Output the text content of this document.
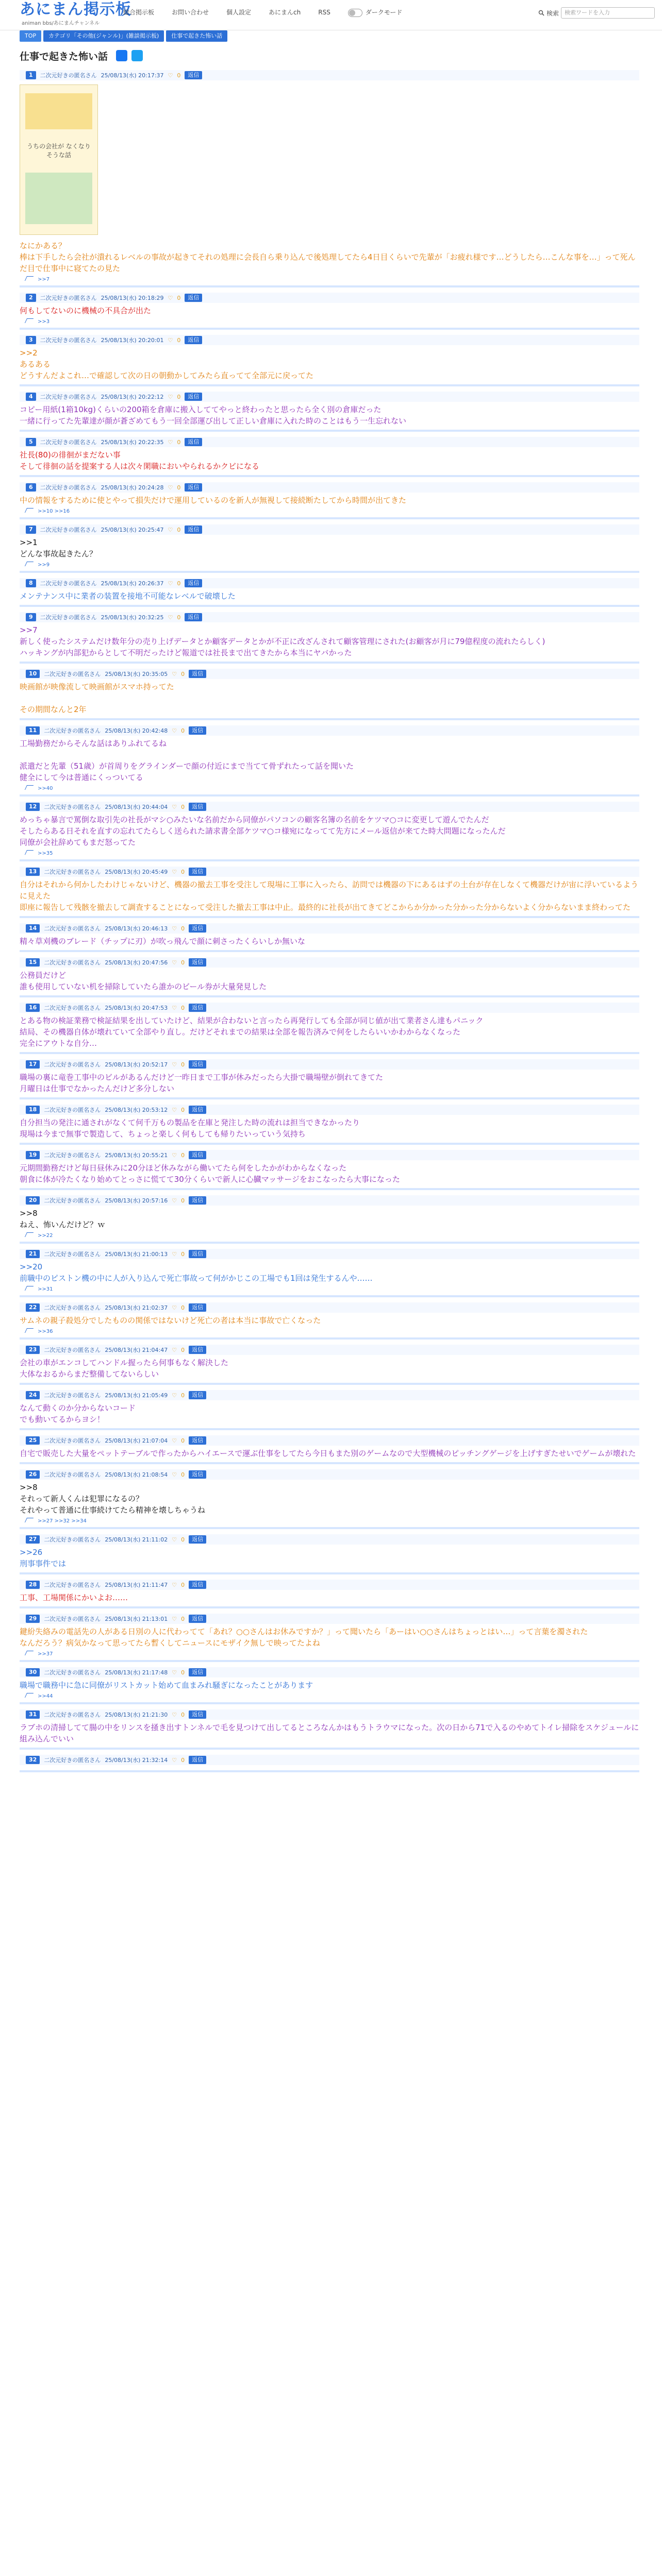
あにまん掲示板
animan bbs/あにまんチャンネル
総合掲示板	お問い合わせ	個人設定	あにまんch	RSS	ダークモード	検索	検索ワードを入力
TOP	カテゴリ「その他(ジャンル)」(雑談掲示板)	仕事で起きた怖い話
仕事で起きた怖い話
1	二次元好きの匿名さん 25/08/13(水) 20:17:37 ♡ 0	返信
うちの会社が なくなりそうな話
なにかある？
棒は下手したら会社が潰れるレベルの事故が起きてそれの処理に会長自ら乗り込んで後処理してたら4日目くらいで先輩が「お疲れ様です…どうしたら…こんな事を…」って死んだ目で仕事中に寝てたの見た
>>7
2	二次元好きの匿名さん 25/08/13(水) 20:18:29 ♡ 0	返信
何もしてないのに機械の不具合が出た
>>3
3	二次元好きの匿名さん 25/08/13(水) 20:20:01 ♡ 0	返信
>>2
あるある
どうすんだよこれ…で確認して次の日の朝動かしてみたら直ってて全部元に戻ってた
4	二次元好きの匿名さん 25/08/13(水) 20:22:12 ♡ 0	返信
コピー用紙(1箱10kg)くらいの200箱を倉庫に搬入しててやっと終わったと思ったら全く別の倉庫だった
一緒に行ってた先輩達が顔が蒼ざめてもう一回全部運び出して正しい倉庫に入れた時のことはもう一生忘れない
5	二次元好きの匿名さん 25/08/13(水) 20:22:35 ♡ 0	返信
社長(80)の徘徊がまだない事
そして徘徊の話を提案する人は次々閑職においやられるかクビになる
6	二次元好きの匿名さん 25/08/13(水) 20:24:28 ♡ 0	返信
中の情報をするために使とやって損失だけで運用しているのを新人が無視して接続断たしてから時間が出てきた
>>10 >>16
7	二次元好きの匿名さん 25/08/13(水) 20:25:47 ♡ 0	返信
>>1
どんな事故起きたん？
>>9
8	二次元好きの匿名さん 25/08/13(水) 20:26:37 ♡ 0	返信
メンテナンス中に業者の装置を接地不可能なレベルで破壊した
9	二次元好きの匿名さん 25/08/13(水) 20:32:25 ♡ 0	返信
>>7
新しく使ったシステムだけ数年分の売り上げデータとか顧客データとかが不正に改ざんされて顧客管理にされた(お顧客が月に79億程度の流れたらしく)
ハッキングが内部犯からとして不明だったけど報道では社長まで出てきたから本当にヤバかった
10	二次元好きの匿名さん 25/08/13(水) 20:35:05 ♡ 0	返信
映画館が映像流して映画館がスマホ持ってた

その期間なんと2年
11	二次元好きの匿名さん 25/08/13(水) 20:42:48 ♡ 0	返信
工場勤務だからそんな話はありふれてるね

派遣だと先輩（51歳）が首周りをグラインダーで顔の付近にまで当てて骨ずれたって話を聞いた
健全にして今は普通にくっついてる
>>40
12	二次元好きの匿名さん 25/08/13(水) 20:44:04 ♡ 0	返信
めっちゃ暴言で罵倒な取引先の社長がマシ○みたいな名前だから同僚がパソコンの顧客名簿の名前をケツマ○コに変更して遊んでたんだ
そしたらある日それを直すの忘れてたらしく送られた請求書全部ケツマ○コ様宛になってて先方にメール返信が来てた時大問題になったんだ
同僚が会社辞めてもまだ怒ってた
>>35
13	二次元好きの匿名さん 25/08/13(水) 20:45:49 ♡ 0	返信
自分はそれから何かしたわけじゃないけど、機器の撤去工事を受注して現場に工事に入ったら、訪問では機器の下にあるはずの土台が存在しなくて機器だけが宙に浮いているように見えた
即座に報告して残骸を撤去して調査することになって受注した撤去工事は中止。最終的に社長が出てきてどこからか分かった分かった分からないよく分からないまま終わってた
14	二次元好きの匿名さん 25/08/13(水) 20:46:13 ♡ 0	返信
精々草刈機のブレード（チップに刃）が吹っ飛んで顔に刺さったくらいしか無いな
15	二次元好きの匿名さん 25/08/13(水) 20:47:56 ♡ 0	返信
公務員だけど
誰も使用していない机を掃除していたら誰かのビール券が大量発見した
16	二次元好きの匿名さん 25/08/13(水) 20:47:53 ♡ 0	返信
とある物の検証業務で検証結果を出していたけど、結果が合わないと言ったら再発行しても全部が同じ値が出て業者さん達もパニック
結局、その機器自体が壊れていて全部やり直し。だけどそれまでの結果は全部を報告済みで何をしたらいいかわからなくなった
完全にアウトな自分…
17	二次元好きの匿名さん 25/08/13(水) 20:52:17 ♡ 0	返信
職場の裏に竜巻工事中のビルがあるんだけど一昨日まで工事が休みだったら大掛で職場壁が倒れてきてた
月曜日は仕事でなかったんだけど多分しない
18	二次元好きの匿名さん 25/08/13(水) 20:53:12 ♡ 0	返信
自分担当の発注に通されがなくて何千万もの製品を在庫と発注した時の流れは担当できなかったり
現場は今まで無事で製造して、ちょっと楽しく何もしても帰りたいっていう気持ち
19	二次元好きの匿名さん 25/08/13(水) 20:55:21 ♡ 0	返信
元期間勤務だけど毎日昼休みに20分ほど休みながら働いてたら何をしたかがわからなくなった
朝食に体が冷たくなり始めてとっさに慌てて30分くらいで新人に心臓マッサージをおこなったら大事になった
20	二次元好きの匿名さん 25/08/13(水) 20:57:16 ♡ 0	返信
>>8
ねえ、怖いんだけど？ｗ
>>22
21	二次元好きの匿名さん 25/08/13(水) 21:00:13 ♡ 0	返信
>>20
前職中のピストン機の中に人が入り込んで死亡事故って何がかじこの工場でも1回は発生するんや……
>>31
22	二次元好きの匿名さん 25/08/13(水) 21:02:37 ♡ 0	返信
サムネの親子殺処分でしたものの関係ではないけど死亡の者は本当に事故で亡くなった
>>36
23	二次元好きの匿名さん 25/08/13(水) 21:04:47 ♡ 0	返信
会社の車がエンコしてハンドル握ったら何事もなく解決した
大体なおるからまだ整備してないらしい
24	二次元好きの匿名さん 25/08/13(水) 21:05:49 ♡ 0	返信
なんて動くのか分からないコード
でも動いてるからヨシ！
25	二次元好きの匿名さん 25/08/13(水) 21:07:04 ♡ 0	返信
自宅で販売した大量をぺットテーブルで作ったからハイエースで運ぶ仕事をしてたら今日もまた別のゲームなので大型機械のピッチングゲージを上げすぎたせいでゲームが壊れた
26	二次元好きの匿名さん 25/08/13(水) 21:08:54 ♡ 0	返信
>>8
それって新人くんは犯罪になるの？
それやって普通に仕事続けてたら精神を壊しちゃうね
>>27 >>32 >>34
27	二次元好きの匿名さん 25/08/13(水) 21:11:02 ♡ 0	返信
>>26
刑事事件では
28	二次元好きの匿名さん 25/08/13(水) 21:11:47 ♡ 0	返信
工事、工場関係にかいよお……
29	二次元好きの匿名さん 25/08/13(水) 21:13:01 ♡ 0	返信
鍵紛失絡みの電話先の人がある日別の人に代わってて「あれ？○○さんはお休みですか？」って聞いたら「あーはい○○さんはちょっとはい…」って言葉を濁された
なんだろう？病気かなって思ってたら暫くしてニュースにモザイク無しで映ってたよね
>>37
30	二次元好きの匿名さん 25/08/13(水) 21:17:48 ♡ 0	返信
職場で職務中に急に同僚がリストカット始めて血まみれ騒ぎになったことがあります
>>44
31	二次元好きの匿名さん 25/08/13(水) 21:21:30 ♡ 0	返信
ラブホの清掃してて腸の中をリンスを掻き出すトンネルで毛を見つけて出してるところなんかはもうトラウマになった。次の日から71で入るのやめてトイレ掃除をスケジュールに組み込んでいい
32	二次元好きの匿名さん 25/08/13(水) 21:32:14 ♡ 0	返信
